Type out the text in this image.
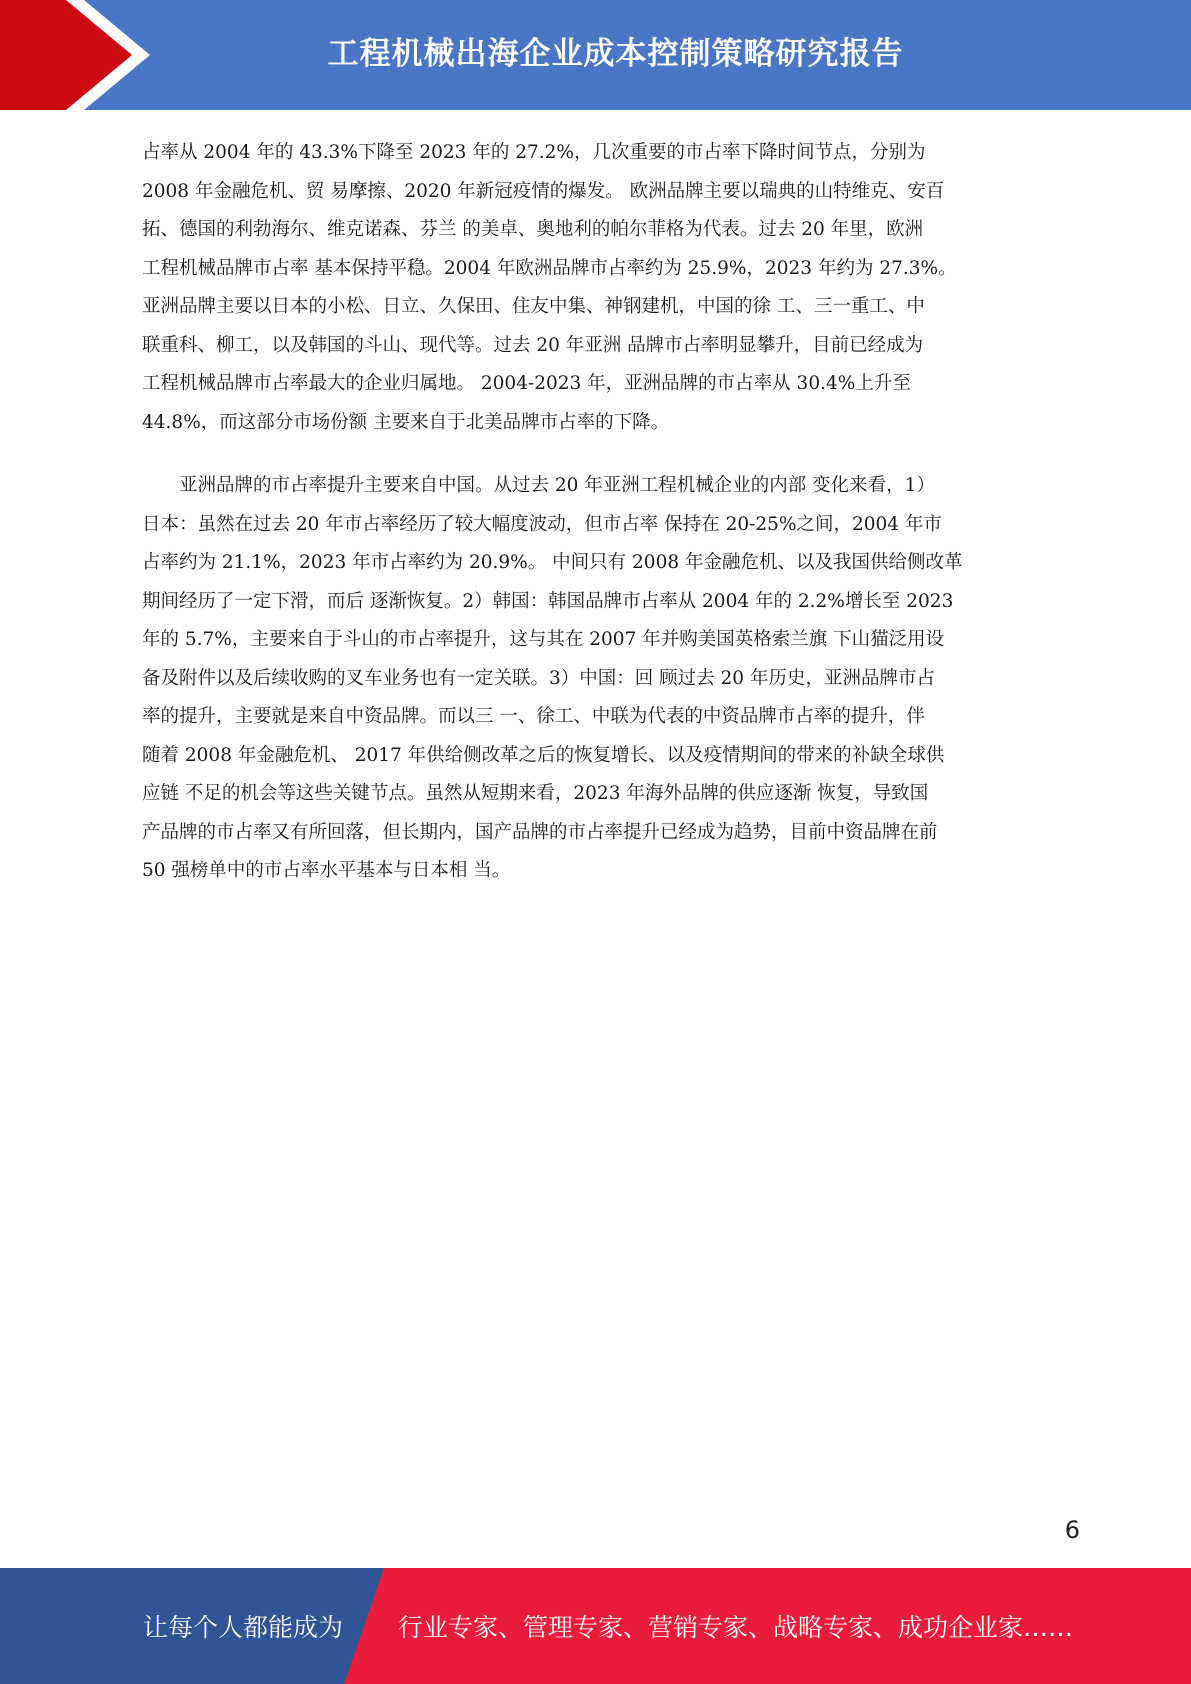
工程机械出海企业成本控制策略研究报告

占率从 2004 年的 43.3%下降至 2023 年的 27.2%，几次重要的市占率下降时间节点，分别为
2008 年金融危机、贸 易摩擦、2020 年新冠疫情的爆发。 欧洲品牌主要以瑞典的山特维克、安百
拓、德国的利勃海尔、维克诺森、芬兰 的美卓、奥地利的帕尔菲格为代表。过去 20 年里，欧洲
工程机械品牌市占率 基本保持平稳。2004 年欧洲品牌市占率约为 25.9%，2023 年约为 27.3%。
亚洲品牌主要以日本的小松、日立、久保田、住友中集、神钢建机，中国的徐 工、三一重工、中
联重科、柳工，以及韩国的斗山、现代等。过去 20 年亚洲 品牌市占率明显攀升，目前已经成为
工程机械品牌市占率最大的企业归属地。 2004-2023 年，亚洲品牌的市占率从 30.4%上升至
44.8%，而这部分市场份额 主要来自于北美品牌市占率的下降。

　　亚洲品牌的市占率提升主要来自中国。从过去 20 年亚洲工程机械企业的内部 变化来看，1）
日本：虽然在过去 20 年市占率经历了较大幅度波动，但市占率 保持在 20-25%之间，2004 年市
占率约为 21.1%，2023 年市占率约为 20.9%。 中间只有 2008 年金融危机、以及我国供给侧改革
期间经历了一定下滑，而后 逐渐恢复。2）韩国：韩国品牌市占率从 2004 年的 2.2%增长至 2023
年的 5.7%，主要来自于斗山的市占率提升，这与其在 2007 年并购美国英格索兰旗 下山猫泛用设
备及附件以及后续收购的叉车业务也有一定关联。3）中国：回 顾过去 20 年历史，亚洲品牌市占
率的提升，主要就是来自中资品牌。而以三 一、徐工、中联为代表的中资品牌市占率的提升，伴
随着 2008 年金融危机、 2017 年供给侧改革之后的恢复增长、以及疫情期间的带来的补缺全球供
应链 不足的机会等这些关键节点。虽然从短期来看，2023 年海外品牌的供应逐渐 恢复，导致国
产品牌的市占率又有所回落，但长期内，国产品牌的市占率提升已经成为趋势，目前中资品牌在前
50 强榜单中的市占率水平基本与日本相 当。

6
让每个人都能成为 行业专家、管理专家、营销专家、战略专家、成功企业家……
